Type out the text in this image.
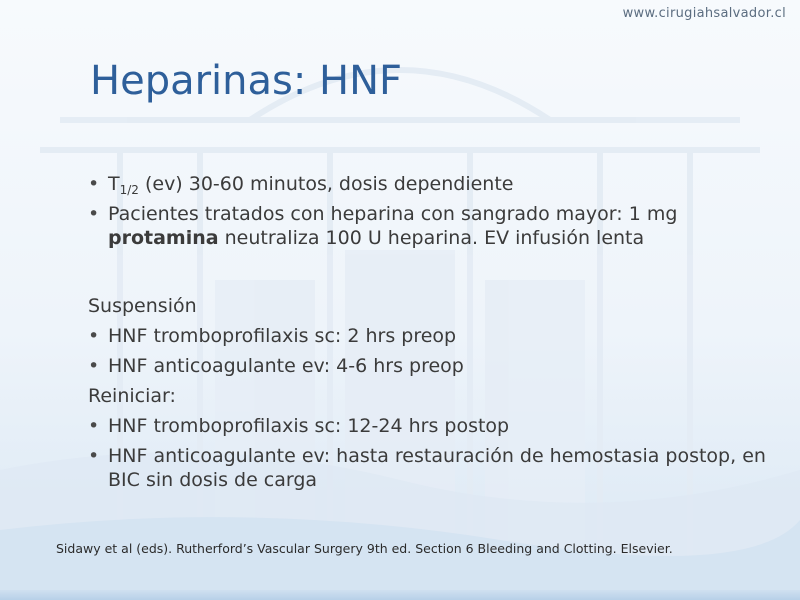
www.cirugiahsalvador.cl
Heparinas: HNF
• $T_{1/2}$ (ev) 30-60 minutos, dosis dependiente
• Pacientes tratados con heparina con sangrado mayor: 1 mg protamina neutraliza 100 U heparina. EV infusión lenta
Suspensión
• HNF tromboprofilaxis sc: 2 hrs preop
• HNF anticoagulante ev: 4-6 hrs preop
Reiniciar:
• HNF tromboprofilaxis sc: 12-24 hrs postop
• HNF anticoagulante ev: hasta restauración de hemostasia postop, en BIC sin dosis de carga
Sidawy et al (eds). Rutherford’s Vascular Surgery 9th ed. Section 6 Bleeding and Clotting. Elsevier.
